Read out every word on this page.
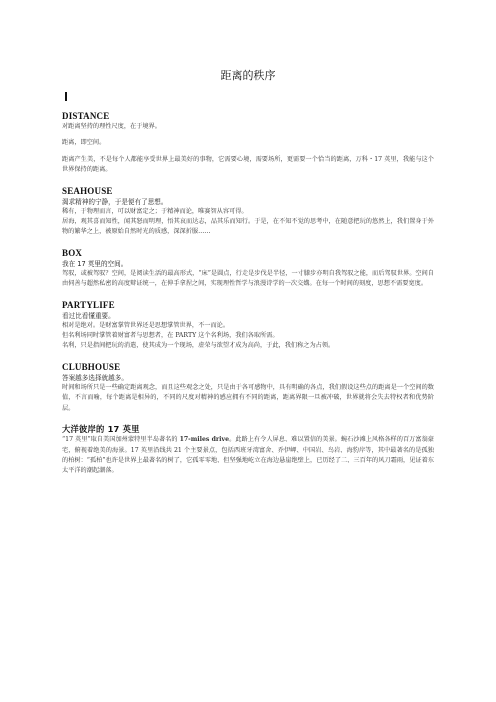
距离的秩序
DISTANCE

对距离坚持的理性尺度，在于境界。

距离，即空间。

距离产生美，不是每个人都能享受世界上最美好的事物，它需要心境，需要场所，更需要一个恰当的距离，万科・17 英里，我能与这个世界保持的距离。

SEAHOUSE
渴求精神的宁静，于是便有了思想。

稀有，于物理而言，可以财富定之；于精神而论，唯赛智从容可得。

居海，观其喜而知性，闻其怒而明理，悟其哀而达志，品其乐而知行。于是，在不知不觉的思考中，在随意把玩的悠然上，我们置身于外物的繁华之上，被原始自然时光的质感，深深折服……

BOX
我在 17 英里的空间。

驾驭，或被驾驭？空间，是阅读生活的最高形式，“床”是圆点，行走是步伐是半径，一寸膝步亦明自我驾驭之能，而后驾驭世界。空间自由伺善与超然私密的高度辩证统一，在伸手拿捏之间，实现理性哲学与浪漫诗学的一次交媾。在每一个时间的刻度，思想不需要宽度。

PARTYLIFE
看过比看懂重要。

相对是绝对。是财富掌管世界还是思想掌管世界，不一而论。

但名利场同时掌管着财富者与思想者，在 PARTY 这个名利场，我们各取所需。

名利，只是指间把玩的消遣，使其成为一个现场，虚荣与欲望才成为高尚，于此，我们称之为占领。

CLUBHOUSE
答案越多选择就越多。

时间和场所只是一些确定距离观念，而且这些观念之处，只是由于各可感物中，具有明确的各点，我们假设这些点的距离是一个空间的数值，不言而喻，每个距离是相异的，不同的尺度对精神的感应拥有不同的距离，距离界限一旦被冲破，世界就将会失去特权者和优势阶层。

大洋彼岸的 17 英里

“17 英里”取自美国加州蒙特里半岛著名的 17-miles drive。此路上有令人屏息、难以置信的美景。蜿石沙滩上风格各样的百万富翁豪宅，俯视着绝美的海景。17 英里沿线共 21 个主要景点，包括西班牙湾富舍、乔伊岬、中国岩、鸟岩、海豹岸等，其中最著名的是孤独的柏树：“孤柏”也许是世界上最著名的树了，它孤零零地、但坚强地屹立在海边悬崖绝壁上，已历经了二、三百年的风刀霜雨，见证着东太平洋的潮起潮落。
